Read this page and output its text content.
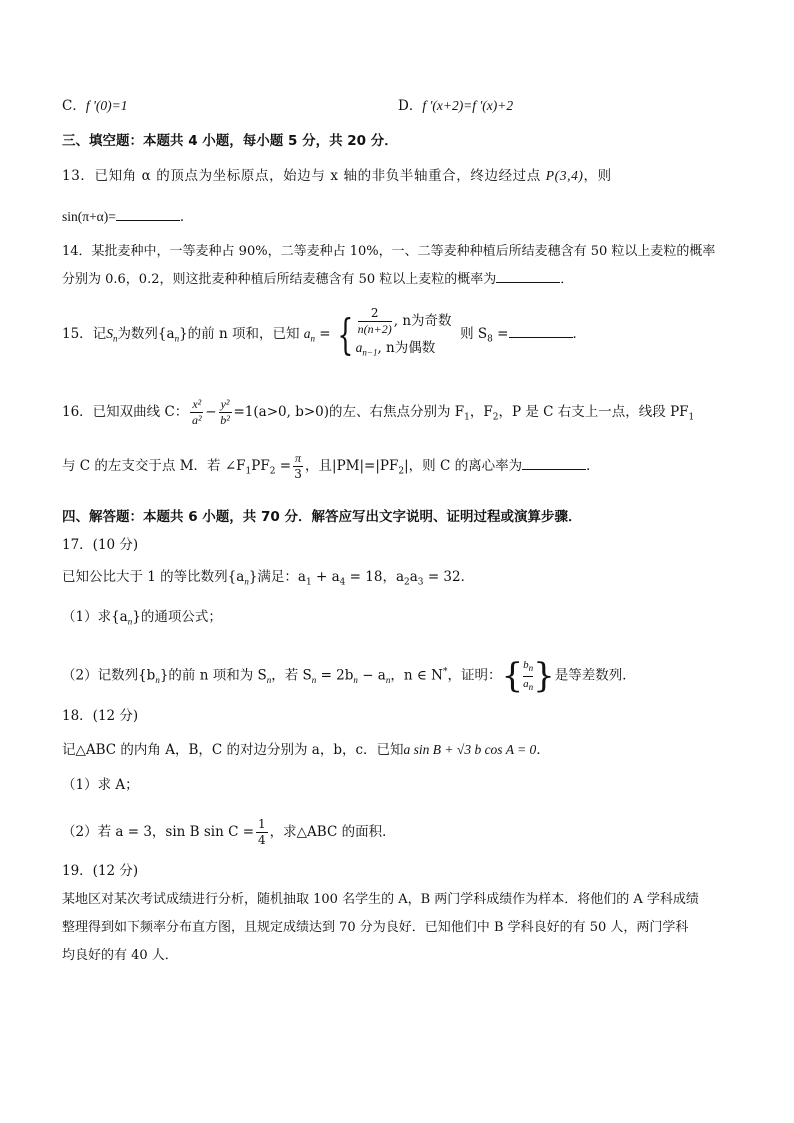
C．f '(0)=1	D．f '(x+2)=f '(x)+2
三、填空题：本题共 4 小题，每小题 5 分，共 20 分．
13．已知角 α 的顶点为坐标原点，始边与 x 轴的非负半轴重合，终边经过点 P(3,4)，则
sin(π+α)=	．
14．某批麦种中，一等麦种占 90%，二等麦种占 10%，一、二等麦种种植后所结麦穗含有 50 粒以上麦粒的概率
分别为 0.6，0.2，则这批麦种种植后所结麦穗含有 50 粒以上麦粒的概率为	．
15．记$S_n$为数列$\{a_n\}$的前 n 项和，已知 $a_n$ = { $\frac{2}{n(n+2)}$ , n为奇数
$a_{n-1}$, n为偶数
则 $S_8$ =	．
16．已知双曲线 C： $\frac{\text{x²}}{\text{a²}} - \frac{\text{y²}}{\text{b²}} =1(a>0$, b>0)的左、右焦点分别为 $F_1$，$F_2$，P 是 C 右支上一点，线段 $PF_1$
与 C 的左支交于点 M．若 $\angle F_1PF_2 = \frac{\pi}{3}$ ，且$|PM|=|PF_2|$，则 C 的离心率为	．
四、解答题：本题共 6 小题，共 70 分．解答应写出文字说明、证明过程或演算步骤．
17．(10 分)
已知公比大于 1 的等比数列$\{a_n\}$满足：$a_1 + a_4 = 18$，$a_2a_3 = 32$．
（1）求$\{a_n\}$的通项公式；
（2）记数列$\{b_n\}$的前 n 项和为 $S_n$，若 $S_n = 2b_n - a_n$，n ∈ N*，证明：{ $\frac{b_n}{a_n}$ }是等差数列．
18．(12 分)
记△ABC 的内角 A，B，C 的对边分别为 a，b，c．已知a sin B + √3 b cos A = 0．
（1）求 A；
（2）若 a = 3，sin B $\sin C = \frac{1}{4}$ ，求△ABC 的面积．
19．(12 分)
某地区对某次考试成绩进行分析，随机抽取 100 名学生的 A，B 两门学科成绩作为样本．将他们的 A 学科成绩
整理得到如下频率分布直方图，且规定成绩达到 70 分为良好．已知他们中 B 学科良好的有 50 人，两门学科
均良好的有 40 人．
